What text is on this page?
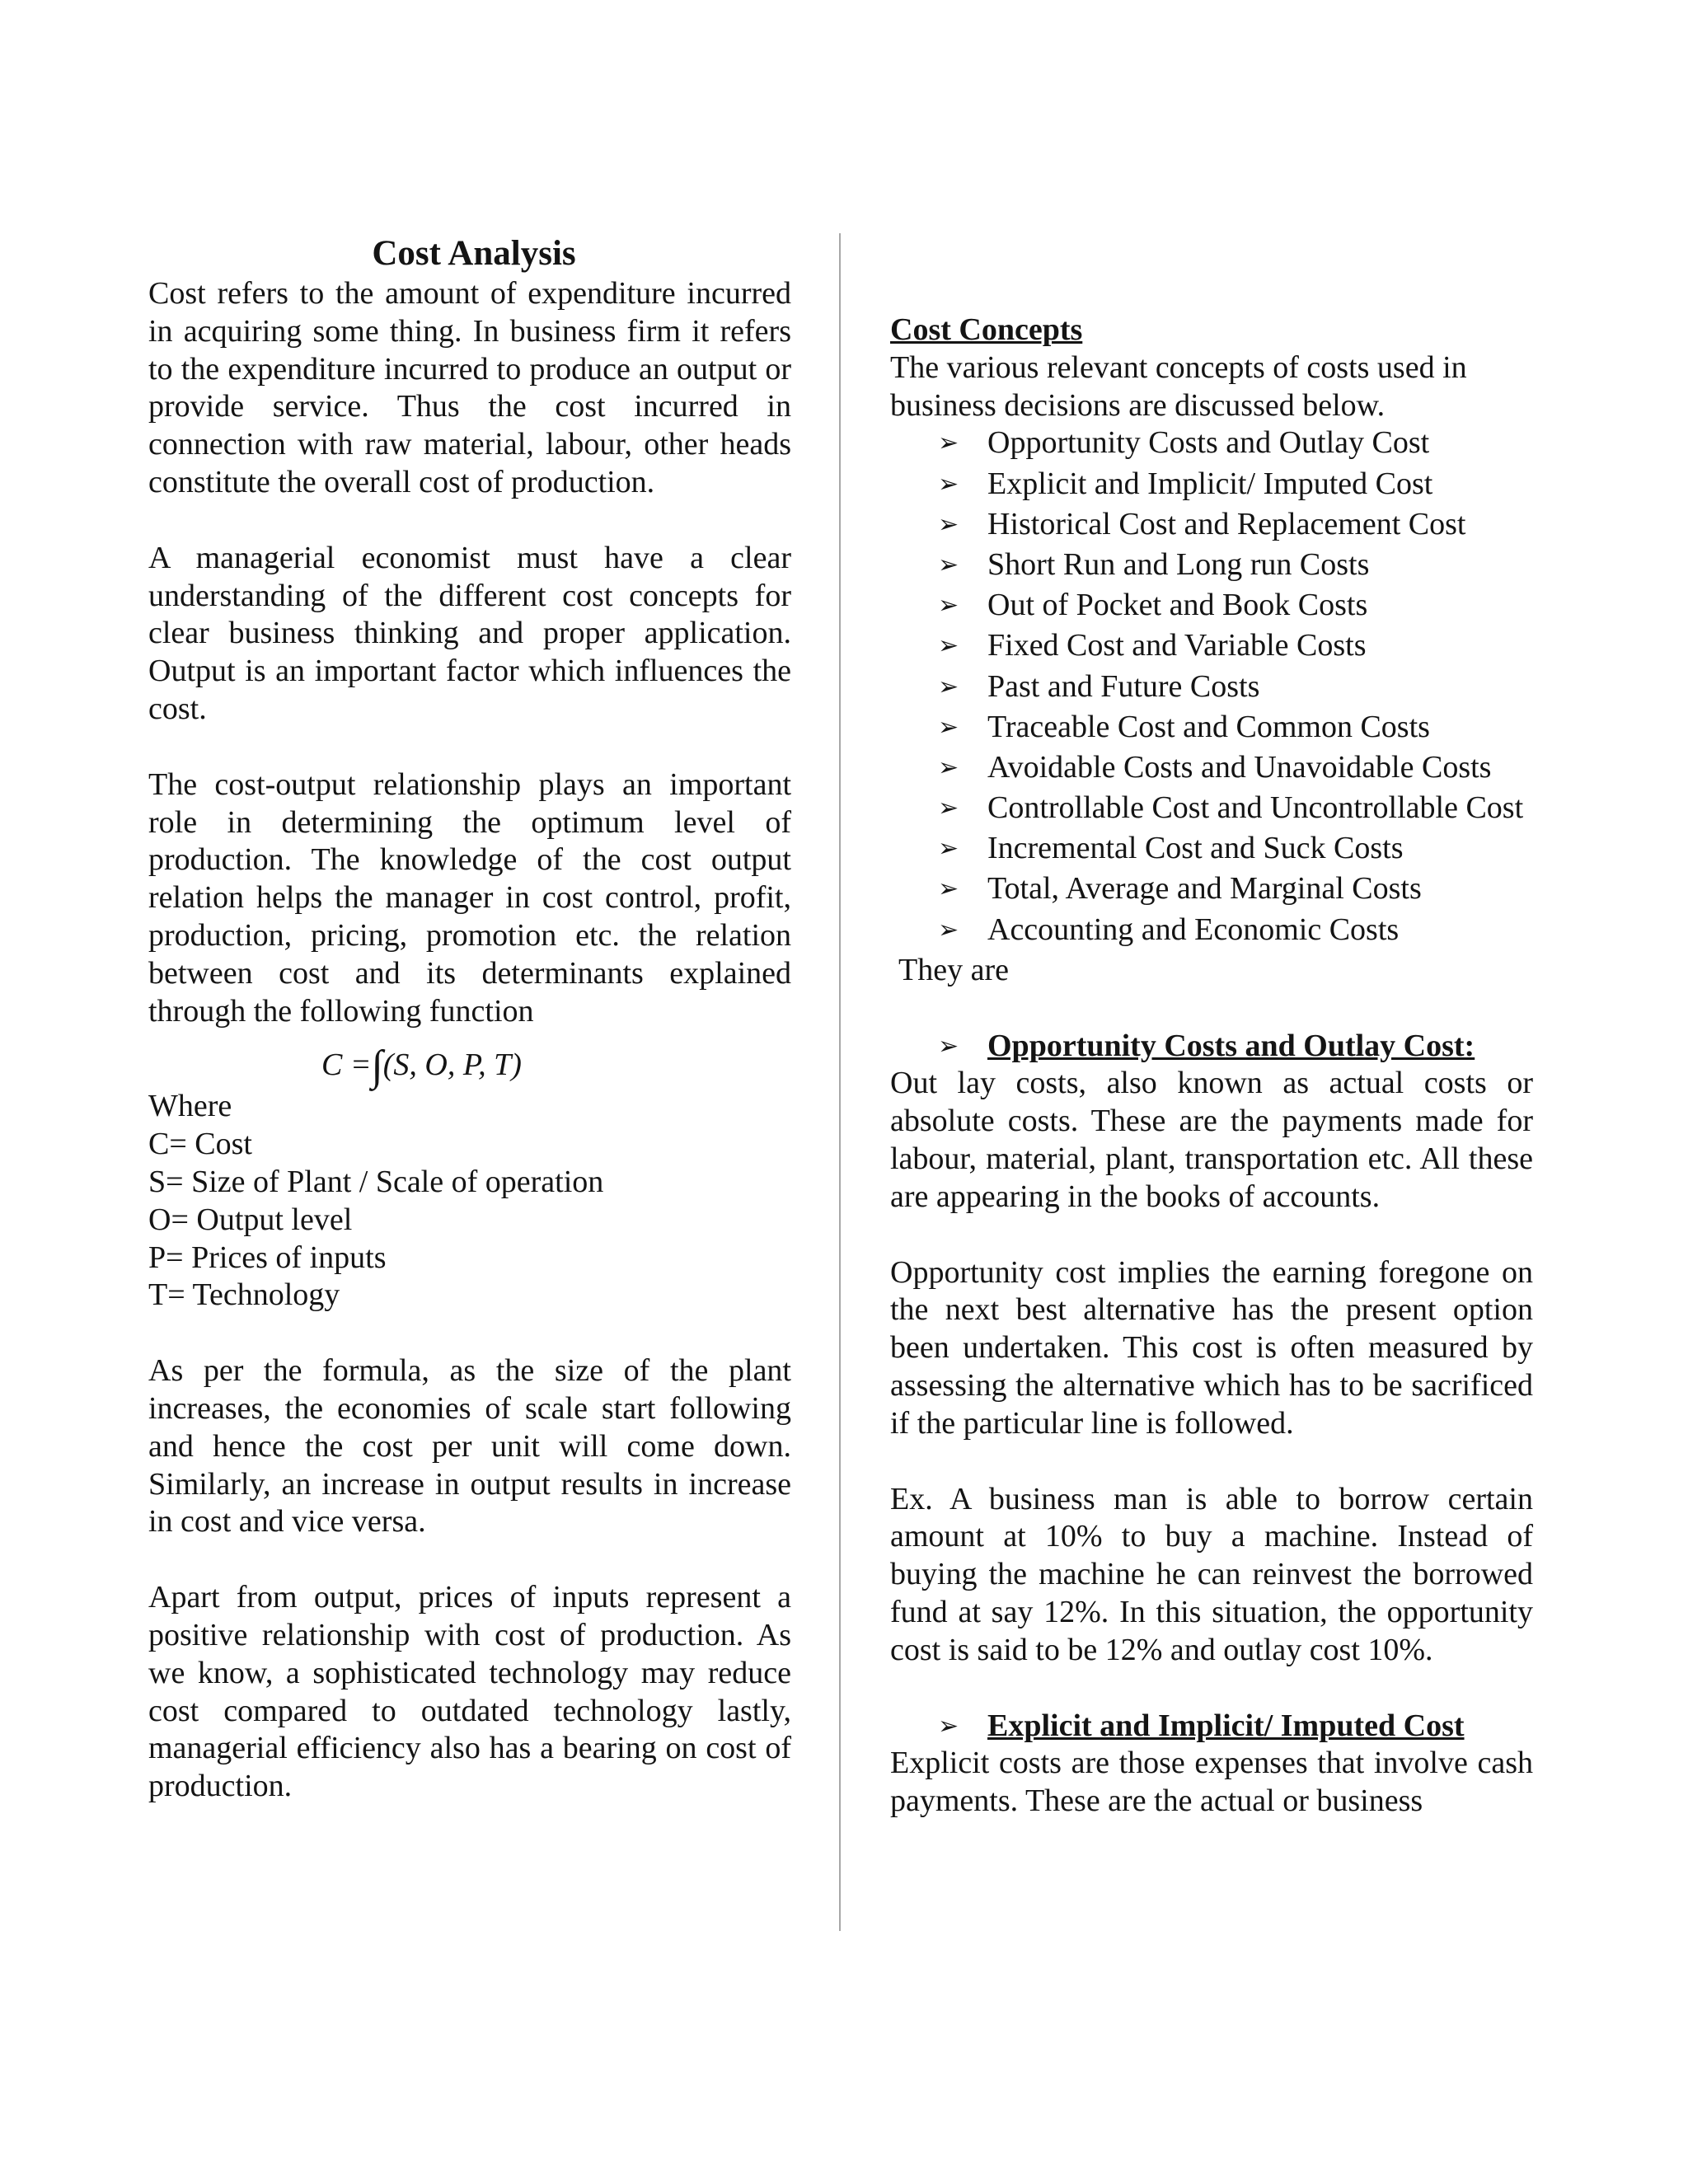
Cost Analysis

Cost refers to the amount of expenditure incurred in acquiring some thing. In business firm it refers to the expenditure incurred to produce an output or provide service. Thus the cost incurred in connection with raw material, labour, other heads constitute the overall cost of production.

A managerial economist must have a clear understanding of the different cost concepts for clear business thinking and proper application. Output is an important factor which influences the cost.

The cost-output relationship plays an important role in determining the optimum level of production. The knowledge of the cost output relation helps the manager in cost control, profit, production, pricing, promotion etc. the relation between cost and its determinants explained through the following function

C =∫(S, O, P, T)

Where

C= Cost
S= Size of Plant / Scale of operation
O= Output level
P= Prices of inputs
T= Technology

As per the formula, as the size of the plant increases, the economies of scale start following and hence the cost per unit will come down. Similarly, an increase in output results in increase in cost and vice versa.

Apart from output, prices of inputs represent a positive relationship with cost of production. As we know, a sophisticated technology may reduce cost compared to outdated technology lastly, managerial efficiency also has a bearing on cost of production.

Cost Concepts

The various relevant concepts of costs used in business decisions are discussed below.

➢ Opportunity Costs and Outlay Cost
➢ Explicit and Implicit/ Imputed Cost
➢ Historical Cost and Replacement Cost
➢ Short Run and Long run Costs
➢ Out of Pocket and Book Costs
➢ Fixed Cost and Variable Costs
➢ Past and Future Costs
➢ Traceable Cost and Common Costs
➢ Avoidable Costs and Unavoidable Costs
➢ Controllable Cost and Uncontrollable Cost
➢ Incremental Cost and Suck Costs
➢ Total, Average and Marginal Costs
➢ Accounting and Economic Costs

They are

➢ Opportunity Costs and Outlay Cost:

Out lay costs, also known as actual costs or absolute costs. These are the payments made for labour, material, plant, transportation etc. All these are appearing in the books of accounts.

Opportunity cost implies the earning foregone on the next best alternative has the present option been undertaken. This cost is often measured by assessing the alternative which has to be sacrificed if the particular line is followed.

Ex. A business man is able to borrow certain amount at 10% to buy a machine. Instead of buying the machine he can reinvest the borrowed fund at say 12%. In this situation, the opportunity cost is said to be 12% and outlay cost 10%.

➢ Explicit and Implicit/ Imputed Cost

Explicit costs are those expenses that involve cash payments. These are the actual or business
